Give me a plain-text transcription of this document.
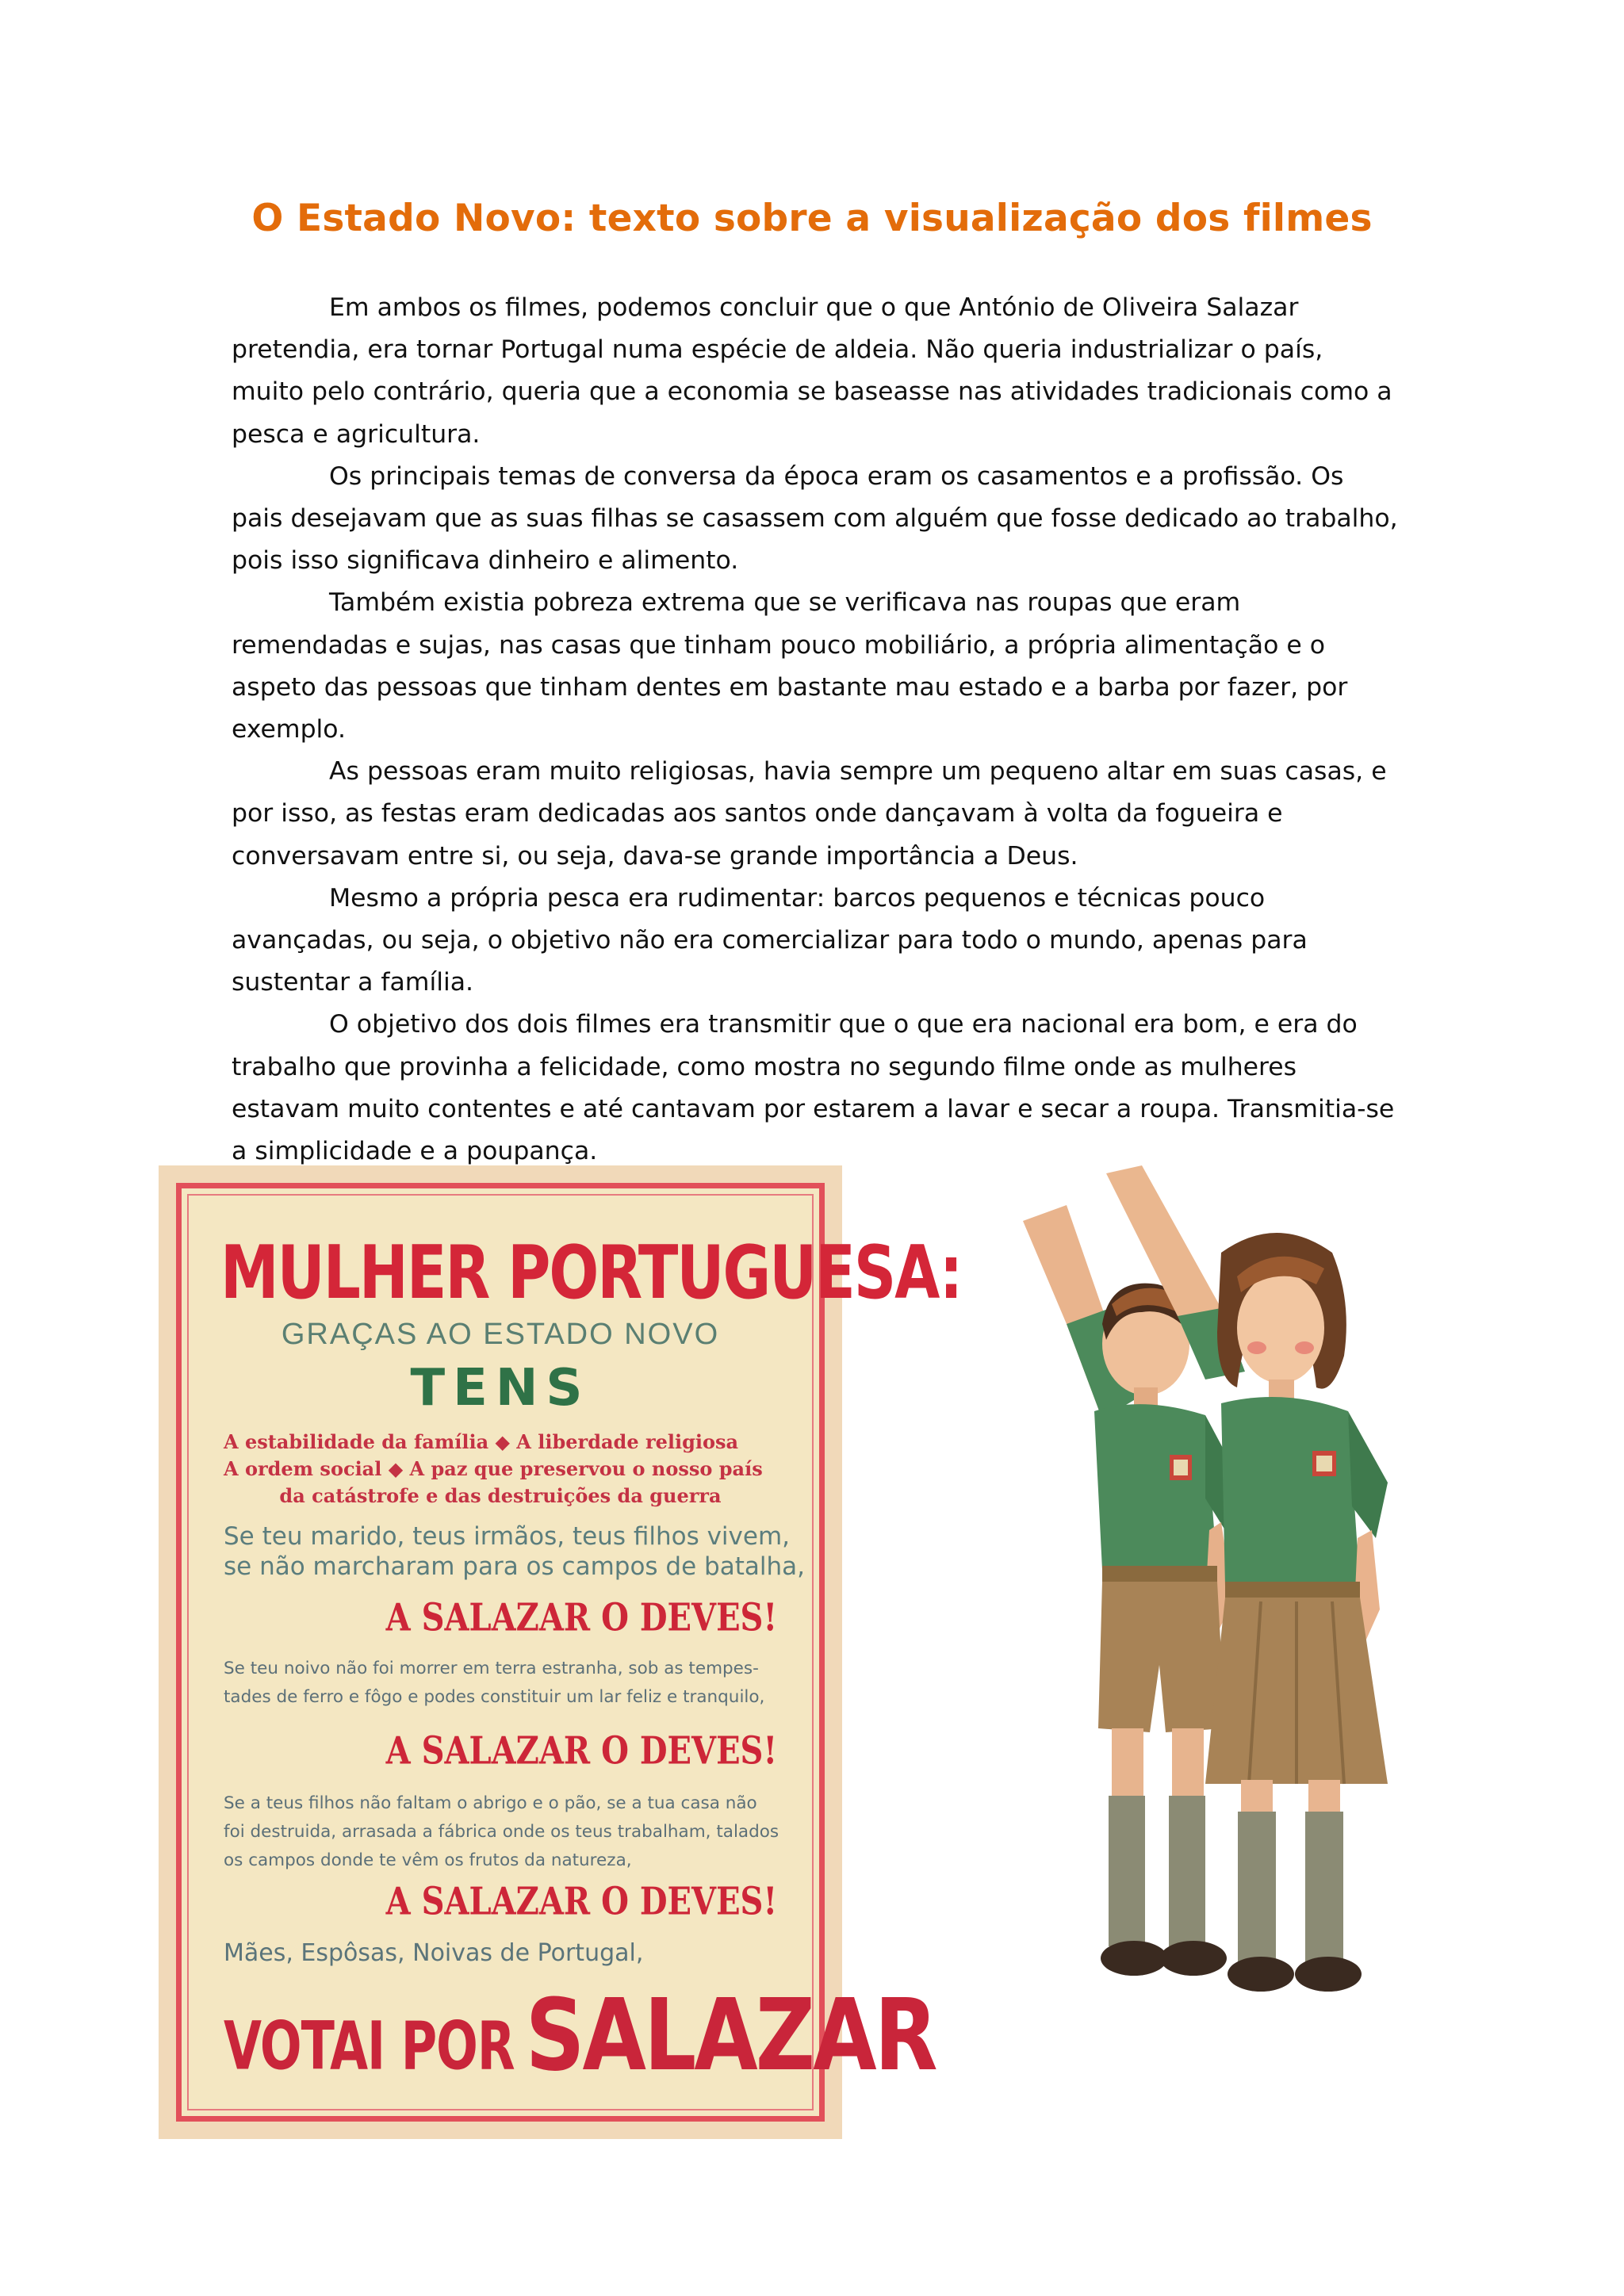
O Estado Novo: texto sobre a visualização dos filmes

Em ambos os filmes, podemos concluir que o que António de Oliveira Salazar pretendia, era tornar Portugal numa espécie de aldeia. Não queria industrializar o país, muito pelo contrário, queria que a economia se baseasse nas atividades tradicionais como a pesca e agricultura.

Os principais temas de conversa da época eram os casamentos e a profissão. Os pais desejavam que as suas filhas se casassem com alguém que fosse dedicado ao trabalho, pois isso significava dinheiro e alimento.

Também existia pobreza extrema que se verificava nas roupas que eram remendadas e sujas, nas casas que tinham pouco mobiliário, a própria alimentação e o aspeto das pessoas que tinham dentes em bastante mau estado e a barba por fazer, por exemplo.

As pessoas eram muito religiosas, havia sempre um pequeno altar em suas casas, e por isso, as festas eram dedicadas aos santos onde dançavam à volta da fogueira e conversavam entre si, ou seja, dava-se grande importância a Deus.

Mesmo a própria pesca era rudimentar: barcos pequenos e técnicas pouco avançadas, ou seja, o objetivo não era comercializar para todo o mundo, apenas para sustentar a família.

O objetivo dos dois filmes era transmitir que o que era nacional era bom, e era do trabalho que provinha a felicidade, como mostra no segundo filme onde as mulheres estavam muito contentes e até cantavam por estarem a lavar e secar a roupa. Transmitia-se a simplicidade e a poupança.

MULHER PORTUGUESA:
GRAÇAS AO ESTADO NOVO
TENS
A estabilidade da família ◆ A liberdade religiosa
A ordem social ◆ A paz que preservou o nosso país
da catástrofe e das destruições da guerra
Se teu marido, teus irmãos, teus filhos vivem,
se não marcharam para os campos de batalha,
A SALAZAR O DEVES!
Se teu noivo não foi morrer em terra estranha, sob as tempes-
tades de ferro e fôgo e podes constituir um lar feliz e tranquilo,
A SALAZAR O DEVES!
Se a teus filhos não faltam o abrigo e o pão, se a tua casa não
foi destruida, arrasada a fábrica onde os teus trabalham, talados
os campos donde te vêm os frutos da natureza,
A SALAZAR O DEVES!
Mães, Espôsas, Noivas de Portugal,
VOTAI POR SALAZAR
